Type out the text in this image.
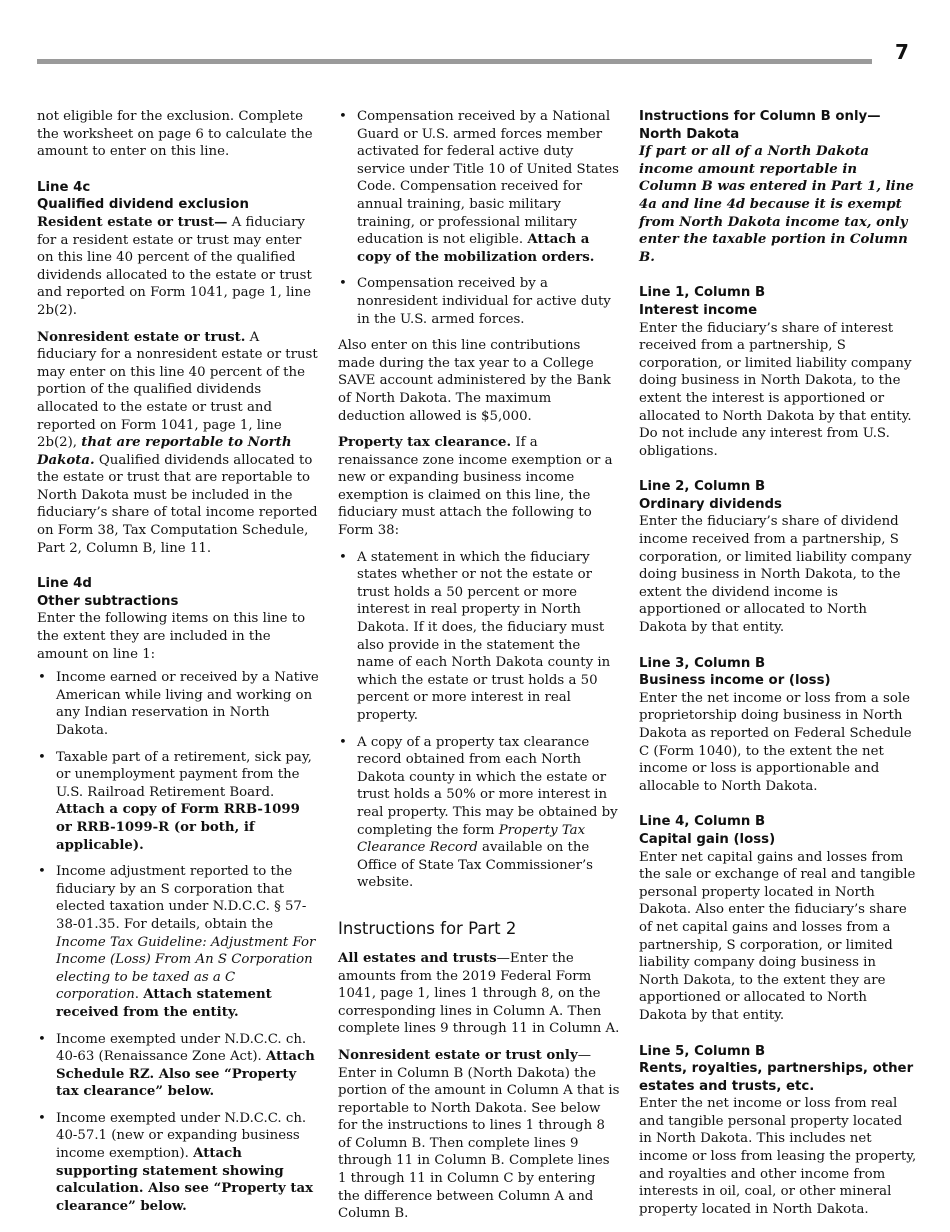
7

not eligible for the exclusion. Complete the worksheet on page 6 to calculate the amount to enter on this line.

Line 4c
Qualified dividend exclusion

Resident estate or trust— A fiduciary for a resident estate or trust may enter on this line 40 percent of the qualified dividends allocated to the estate or trust and reported on Form 1041, page 1, line 2b(2).

Nonresident estate or trust. A fiduciary for a nonresident estate or trust may enter on this line 40 percent of the portion of the qualified dividends allocated to the estate or trust and reported on Form 1041, page 1, line 2b(2), that are reportable to North Dakota. Qualified dividends allocated to the estate or trust that are reportable to North Dakota must be included in the fiduciary’s share of total income reported on Form 38, Tax Computation Schedule, Part 2, Column B, line 11.

Line 4d
Other subtractions

Enter the following items on this line to the extent they are included in the amount on line 1:

• Income earned or received by a Native American while living and working on any Indian reservation in North Dakota.
• Taxable part of a retirement, sick pay, or unemployment payment from the U.S. Railroad Retirement Board. Attach a copy of Form RRB-1099 or RRB-1099-R (or both, if applicable).
• Income adjustment reported to the fiduciary by an S corporation that elected taxation under N.D.C.C. § 57-38-01.35. For details, obtain the Income Tax Guideline: Adjustment For Income (Loss) From An S Corporation electing to be taxed as a C corporation. Attach statement received from the entity.
• Income exempted under N.D.C.C. ch. 40-63 (Renaissance Zone Act). Attach Schedule RZ. Also see “Property tax clearance” below.
• Income exempted under N.D.C.C. ch. 40-57.1 (new or expanding business income exemption). Attach supporting statement showing calculation. Also see “Property tax clearance” below.
• Compensation received by a National Guard or U.S. armed forces member activated for federal active duty service under Title 10 of United States Code. Compensation received for annual training, basic military training, or professional military education is not eligible. Attach a copy of the mobilization orders.
• Compensation received by a nonresident individual for active duty in the U.S. armed forces.

Also enter on this line contributions made during the tax year to a College SAVE account administered by the Bank of North Dakota. The maximum deduction allowed is $5,000.

Property tax clearance. If a renaissance zone income exemption or a new or expanding business income exemption is claimed on this line, the fiduciary must attach the following to Form 38:

• A statement in which the fiduciary states whether or not the estate or trust holds a 50 percent or more interest in real property in North Dakota. If it does, the fiduciary must also provide in the statement the name of each North Dakota county in which the estate or trust holds a 50 percent or more interest in real property.
• A copy of a property tax clearance record obtained from each North Dakota county in which the estate or trust holds a 50% or more interest in real property. This may be obtained by completing the form Property Tax Clearance Record available on the Office of State Tax Commissioner’s website.
Instructions for Part 2

All estates and trusts—Enter the amounts from the 2019 Federal Form 1041, page 1, lines 1 through 8, on the corresponding lines in Column A. Then complete lines 9 through 11 in Column A.

Nonresident estate or trust only— Enter in Column B (North Dakota) the portion of the amount in Column A that is reportable to North Dakota. See below for the instructions to lines 1 through 8 of Column B. Then complete lines 9 through 11 in Column B. Complete lines 1 through 11 in Column C by entering the difference between Column A and Column B.

Instructions for Column B only—
North Dakota

If part or all of a North Dakota income amount reportable in Column B was entered in Part 1, line 4a and line 4d because it is exempt from North Dakota income tax, only enter the taxable portion in Column B.

Line 1, Column B
Interest income

Enter the fiduciary’s share of interest received from a partnership, S corporation, or limited liability company doing business in North Dakota, to the extent the interest is apportioned or allocated to North Dakota by that entity. Do not include any interest from U.S. obligations.

Line 2, Column B
Ordinary dividends

Enter the fiduciary’s share of dividend income received from a partnership, S corporation, or limited liability company doing business in North Dakota, to the extent the dividend income is apportioned or allocated to North Dakota by that entity.

Line 3, Column B
Business income or (loss)

Enter the net income or loss from a sole proprietorship doing business in North Dakota as reported on Federal Schedule C (Form 1040), to the extent the net income or loss is apportionable and allocable to North Dakota.

Line 4, Column B
Capital gain (loss)

Enter net capital gains and losses from the sale or exchange of real and tangible personal property located in North Dakota. Also enter the fiduciary’s share of net capital gains and losses from a partnership, S corporation, or limited liability company doing business in North Dakota, to the extent they are apportioned or allocated to North Dakota by that entity.

Line 5, Column B
Rents, royalties, partnerships, other estates and trusts, etc.

Enter the net income or loss from real and tangible personal property located in North Dakota. This includes net income or loss from leasing the property, and royalties and other income from interests in oil, coal, or other mineral property located in North Dakota.
